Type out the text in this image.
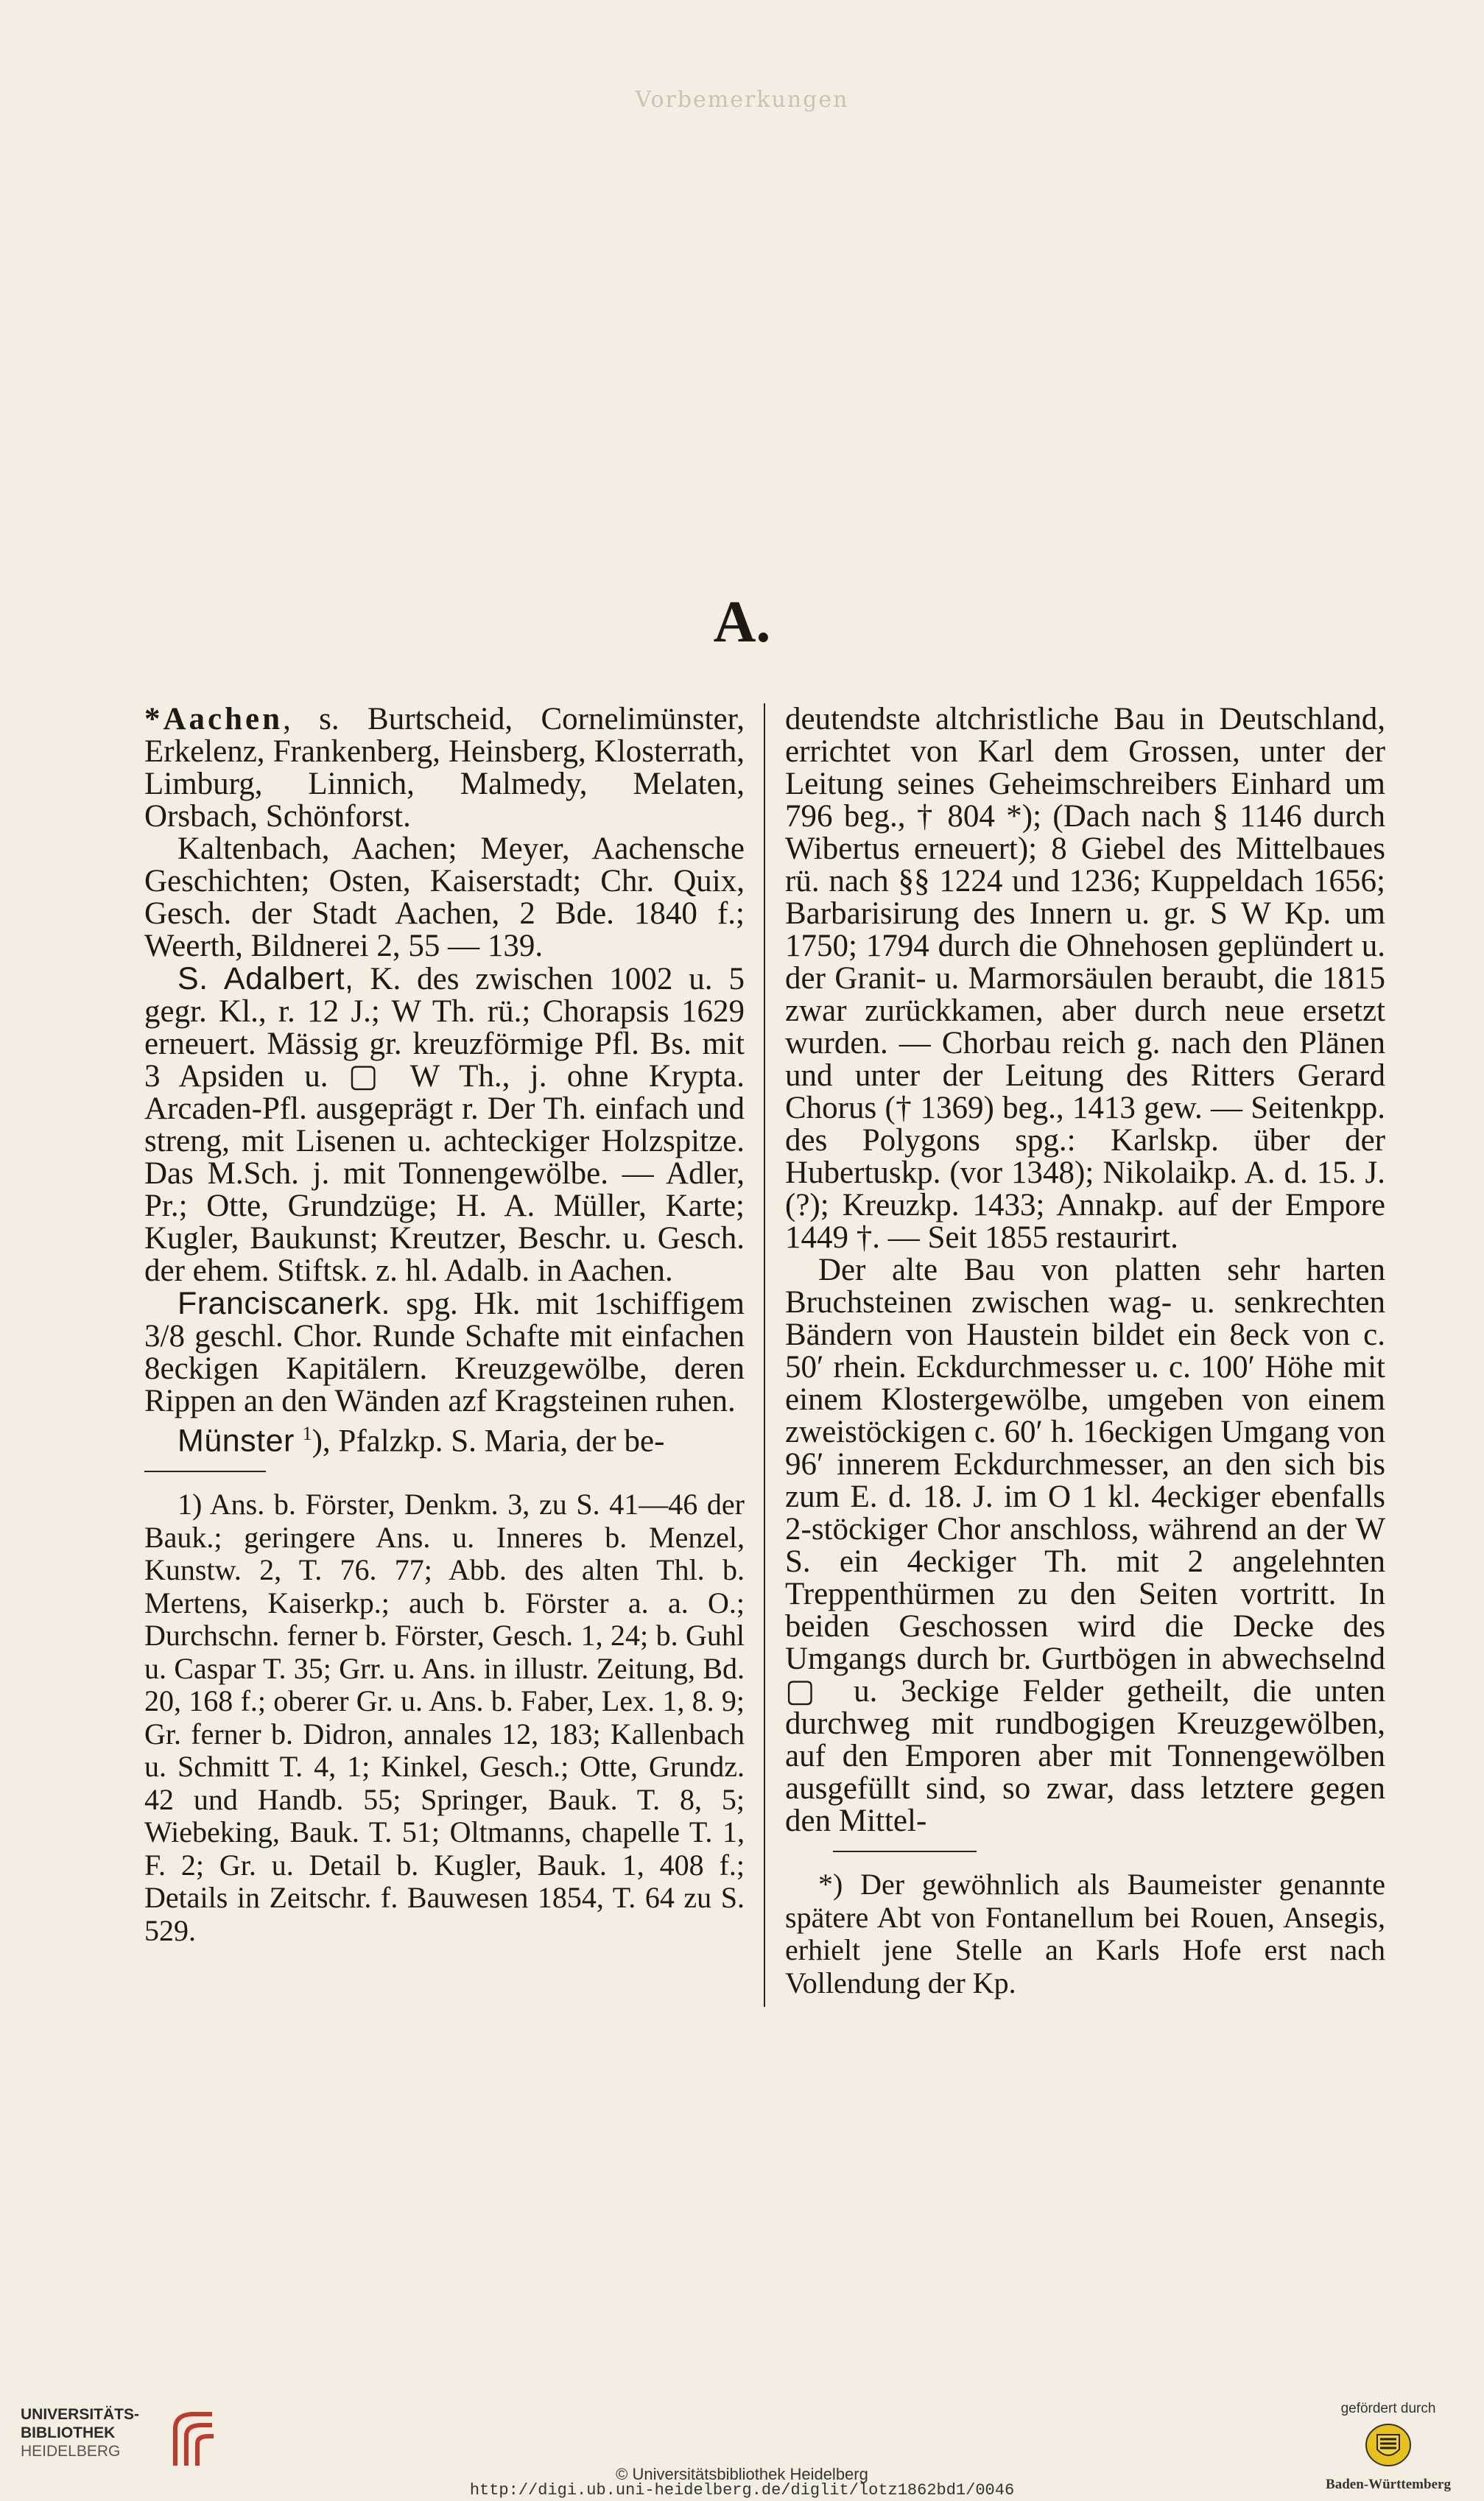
Vorbemerkungen
A.

*Aachen, s. Burtscheid, Cornelimünster, Erkelenz, Frankenberg, Heinsberg, Klosterrath, Limburg, Linnich, Malmedy, Melaten, Orsbach, Schönforst.

Kaltenbach, Aachen; Meyer, Aachensche Geschichten; Osten, Kaiserstadt; Chr. Quix, Gesch. der Stadt Aachen, 2 Bde. 1840 f.; Weerth, Bildnerei 2, 55 — 139.

S. Adalbert, K. des zwischen 1002 u. 5 gegr. Kl., r. 12 J.; W Th. rü.; Chorapsis 1629 erneuert. Mässig gr. kreuzförmige Pfl. Bs. mit 3 Apsiden u. ▢ W Th., j. ohne Krypta. Arcaden-Pfl. ausgeprägt r. Der Th. einfach und streng, mit Lisenen u. achteckiger Holzspitze. Das M.Sch. j. mit Tonnengewölbe. — Adler, Pr.; Otte, Grundzüge; H. A. Müller, Karte; Kugler, Baukunst; Kreutzer, Beschr. u. Gesch. der ehem. Stiftsk. z. hl. Adalb. in Aachen.

Franciscanerk. spg. Hk. mit 1schiffigem 3/8 geschl. Chor. Runde Schafte mit einfachen 8eckigen Kapitälern. Kreuzgewölbe, deren Rippen an den Wänden azf Kragsteinen ruhen.

Münster $^1$), Pfalzkp. S. Maria, der be-

1) Ans. b. Förster, Denkm. 3, zu S. 41—46 der Bauk.; geringere Ans. u. Inneres b. Menzel, Kunstw. 2, T. 76. 77; Abb. des alten Thl. b. Mertens, Kaiserkp.; auch b. Förster a. a. O.; Durchschn. ferner b. Förster, Gesch. 1, 24; b. Guhl u. Caspar T. 35; Grr. u. Ans. in illustr. Zeitung, Bd. 20, 168 f.; oberer Gr. u. Ans. b. Faber, Lex. 1, 8. 9; Gr. ferner b. Didron, annales 12, 183; Kallenbach u. Schmitt T. 4, 1; Kinkel, Gesch.; Otte, Grundz. 42 und Handb. 55; Springer, Bauk. T. 8, 5; Wiebeking, Bauk. T. 51; Oltmanns, chapelle T. 1, F. 2; Gr. u. Detail b. Kugler, Bauk. 1, 408 f.; Details in Zeitschr. f. Bauwesen 1854, T. 64 zu S. 529.

deutendste altchristliche Bau in Deutschland, errichtet von Karl dem Grossen, unter der Leitung seines Geheimschreibers Einhard um 796 beg., † 804 *); (Dach nach § 1146 durch Wibertus erneuert); 8 Giebel des Mittelbaues rü. nach §§ 1224 und 1236; Kuppeldach 1656; Barbarisirung des Innern u. gr. S W Kp. um 1750; 1794 durch die Ohnehosen geplündert u. der Granit- u. Marmorsäulen beraubt, die 1815 zwar zurückkamen, aber durch neue ersetzt wurden. — Chorbau reich g. nach den Plänen und unter der Leitung des Ritters Gerard Chorus († 1369) beg., 1413 gew. — Seitenkpp. des Polygons spg.: Karlskp. über der Hubertuskp. (vor 1348); Nikolaikp. A. d. 15. J. (?); Kreuzkp. 1433; Annakp. auf der Empore 1449 †. — Seit 1855 restaurirt.

Der alte Bau von platten sehr harten Bruchsteinen zwischen wag- u. senkrechten Bändern von Haustein bildet ein 8eck von c. 50′ rhein. Eckdurchmesser u. c. 100′ Höhe mit einem Klostergewölbe, umgeben von einem zweistöckigen c. 60′ h. 16eckigen Umgang von 96′ innerem Eckdurchmesser, an den sich bis zum E. d. 18. J. im O 1 kl. 4eckiger ebenfalls 2-stöckiger Chor anschloss, während an der W S. ein 4eckiger Th. mit 2 angelehnten Treppenthürmen zu den Seiten vortritt. In beiden Geschossen wird die Decke des Umgangs durch br. Gurtbögen in abwechselnd ▢ u. 3eckige Felder getheilt, die unten durchweg mit rundbogigen Kreuzgewölben, auf den Emporen aber mit Tonnengewölben ausgefüllt sind, so zwar, dass letztere gegen den Mittel-

*) Der gewöhnlich als Baumeister genannte spätere Abt von Fontanellum bei Rouen, Ansegis, erhielt jene Stelle an Karls Hofe erst nach Vollendung der Kp.

UNIVERSITÄTS-
BIBLIOTHEK
HEIDELBERG
© Universitätsbibliothek Heidelberg
http://digi.ub.uni-heidelberg.de/diglit/lotz1862bd1/0046
gefördert durch
Baden-Württemberg
